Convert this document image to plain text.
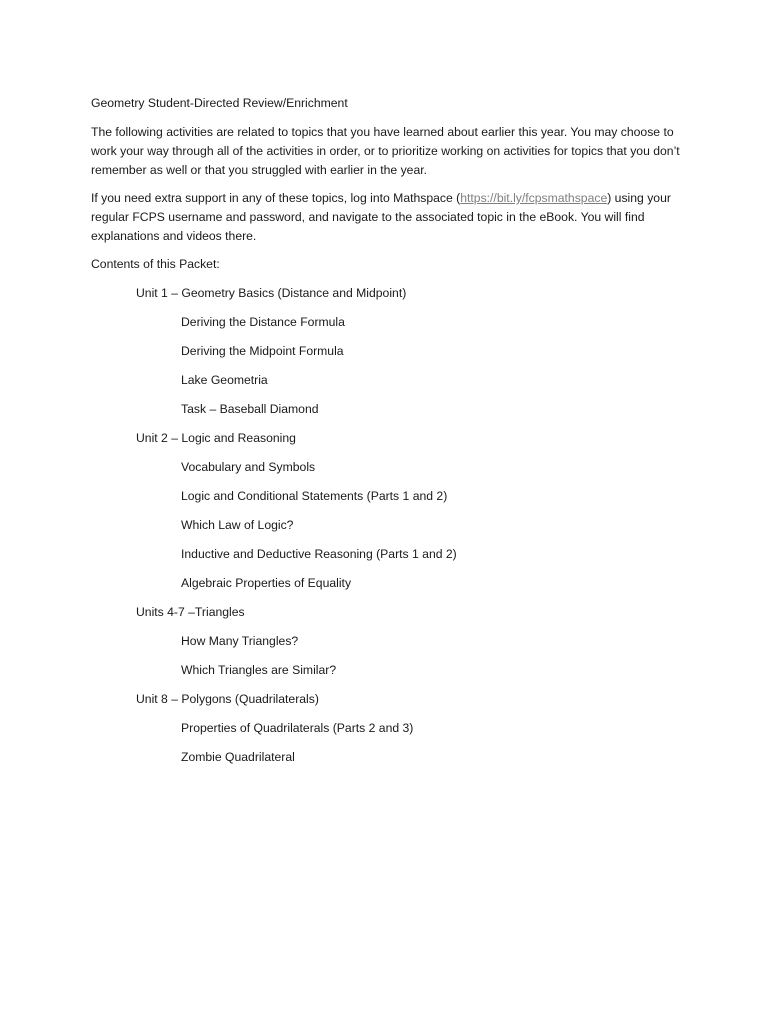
Geometry Student-Directed Review/Enrichment

The following activities are related to topics that you have learned about earlier this year. You may choose to work your way through all of the activities in order, or to prioritize working on activities for topics that you don’t remember as well or that you struggled with earlier in the year.

If you need extra support in any of these topics, log into Mathspace (https://bit.ly/fcpsmathspace) using your regular FCPS username and password, and navigate to the associated topic in the eBook. You will find explanations and videos there.

Contents of this Packet:

Unit 1 – Geometry Basics (Distance and Midpoint)

Deriving the Distance Formula

Deriving the Midpoint Formula

Lake Geometria

Task – Baseball Diamond

Unit 2 – Logic and Reasoning

Vocabulary and Symbols

Logic and Conditional Statements (Parts 1 and 2)

Which Law of Logic?

Inductive and Deductive Reasoning (Parts 1 and 2)

Algebraic Properties of Equality

Units 4-7 –Triangles

How Many Triangles?

Which Triangles are Similar?

Unit 8 – Polygons (Quadrilaterals)

Properties of Quadrilaterals (Parts 2 and 3)

Zombie Quadrilateral
